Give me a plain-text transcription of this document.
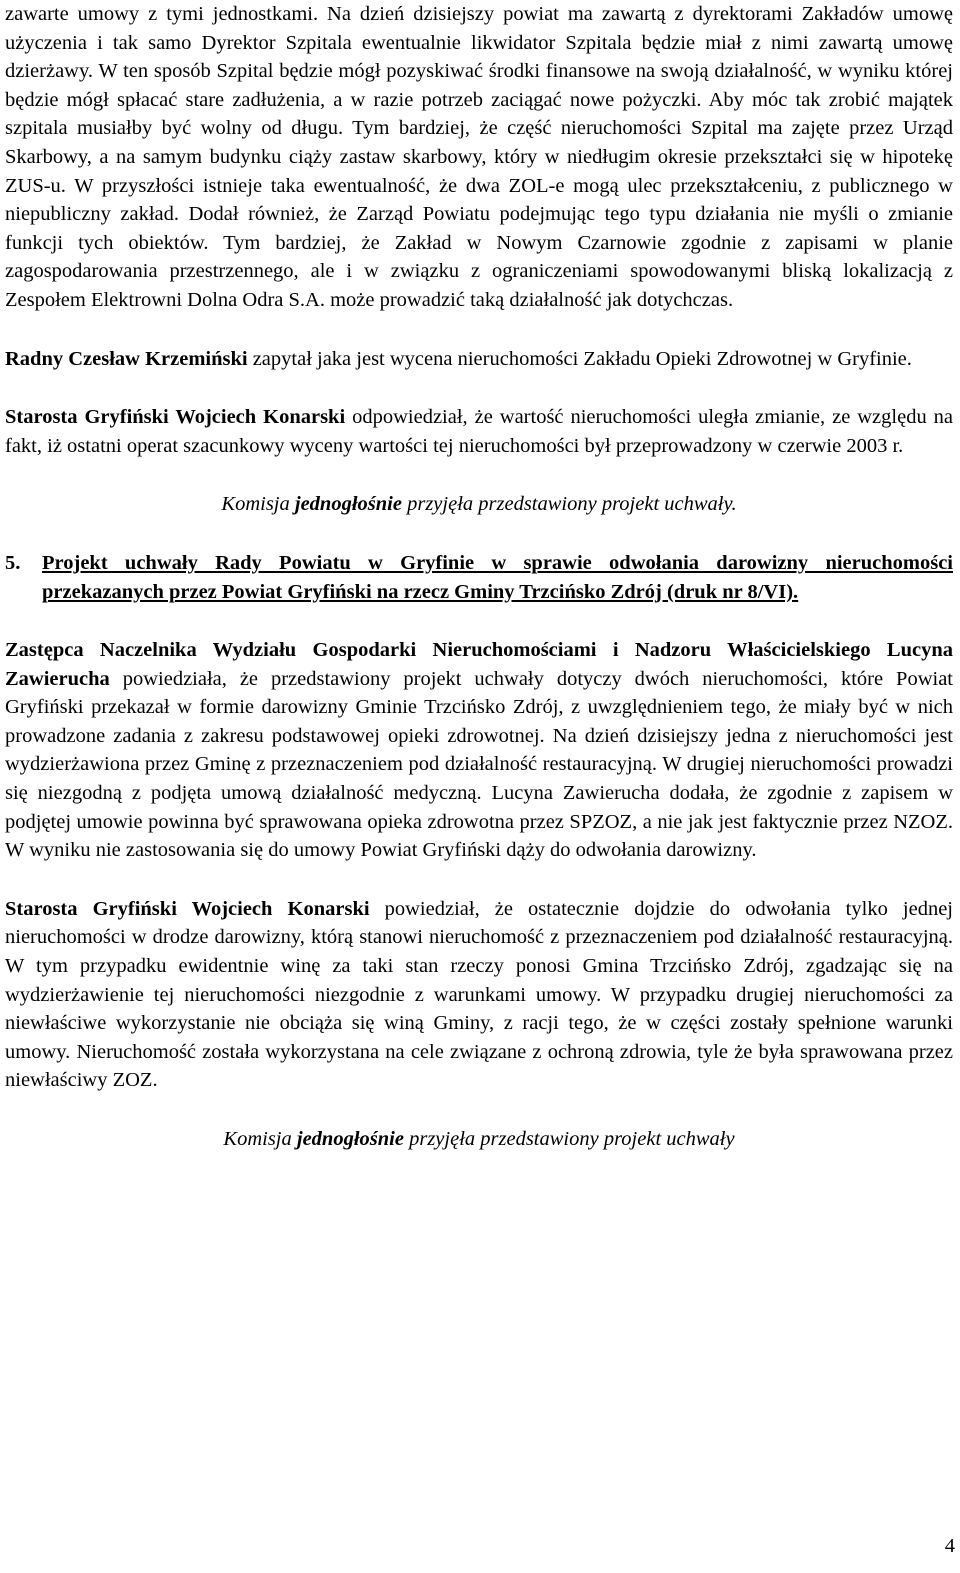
zawarte umowy z tymi jednostkami. Na dzień dzisiejszy powiat ma zawartą z dyrektorami Zakładów umowę użyczenia i tak samo Dyrektor Szpitala ewentualnie likwidator Szpitala będzie miał z nimi zawartą umowę dzierżawy. W ten sposób Szpital będzie mógł pozyskiwać środki finansowe na swoją działalność, w wyniku której będzie mógł spłacać stare zadłużenia, a w razie potrzeb zaciągać nowe pożyczki. Aby móc tak zrobić majątek szpitala musiałby być wolny od długu. Tym bardziej, że część nieruchomości Szpital ma zajęte przez Urząd Skarbowy, a na samym budynku ciąży zastaw skarbowy, który w niedługim okresie przekształci się w hipotekę ZUS-u. W przyszłości istnieje taka ewentualność, że dwa ZOL-e mogą ulec przekształceniu, z publicznego w niepubliczny zakład. Dodał również, że Zarząd Powiatu podejmując tego typu działania nie myśli o zmianie funkcji tych obiektów. Tym bardziej, że Zakład w Nowym Czarnowie zgodnie z zapisami w planie zagospodarowania przestrzennego, ale i w związku z ograniczeniami spowodowanymi bliską lokalizacją z Zespołem Elektrowni Dolna Odra S.A. może prowadzić taką działalność jak dotychczas.

Radny Czesław Krzemiński zapytał jaka jest wycena nieruchomości Zakładu Opieki Zdrowotnej w Gryfinie.

Starosta Gryfiński Wojciech Konarski odpowiedział, że wartość nieruchomości uległa zmianie, ze względu na fakt, iż ostatni operat szacunkowy wyceny wartości tej nieruchomości był przeprowadzony w czerwie 2003 r.

Komisja jednogłośnie przyjęła przedstawiony projekt uchwały.

5.	Projekt uchwały Rady Powiatu w Gryfinie w sprawie odwołania darowizny nieruchomości przekazanych przez Powiat Gryfiński na rzecz Gminy Trzcińsko Zdrój (druk nr 8/VI).

Zastępca Naczelnika Wydziału Gospodarki Nieruchomościami i Nadzoru Właścicielskiego Lucyna Zawierucha powiedziała, że przedstawiony projekt uchwały dotyczy dwóch nieruchomości, które Powiat Gryfiński przekazał w formie darowizny Gminie Trzcińsko Zdrój, z uwzględnieniem tego, że miały być w nich prowadzone zadania z zakresu podstawowej opieki zdrowotnej. Na dzień dzisiejszy jedna z nieruchomości jest wydzierżawiona przez Gminę z przeznaczeniem pod działalność restauracyjną. W drugiej nieruchomości prowadzi się niezgodną z podjęta umową działalność medyczną. Lucyna Zawierucha dodała, że zgodnie z zapisem w podjętej umowie powinna być sprawowana opieka zdrowotna przez SPZOZ, a nie jak jest faktycznie przez NZOZ. W wyniku nie zastosowania się do umowy Powiat Gryfiński dąży do odwołania darowizny.

Starosta Gryfiński Wojciech Konarski powiedział, że ostatecznie dojdzie do odwołania tylko jednej nieruchomości w drodze darowizny, którą stanowi nieruchomość z przeznaczeniem pod działalność restauracyjną. W tym przypadku ewidentnie winę za taki stan rzeczy ponosi Gmina Trzcińsko Zdrój, zgadzając się na wydzierżawienie tej nieruchomości niezgodnie z warunkami umowy. W przypadku drugiej nieruchomości za niewłaściwe wykorzystanie nie obciąża się winą Gminy, z racji tego, że w części zostały spełnione warunki umowy. Nieruchomość została wykorzystana na cele związane z ochroną zdrowia, tyle że była sprawowana przez niewłaściwy ZOZ.

Komisja jednogłośnie przyjęła przedstawiony projekt uchwały

4
